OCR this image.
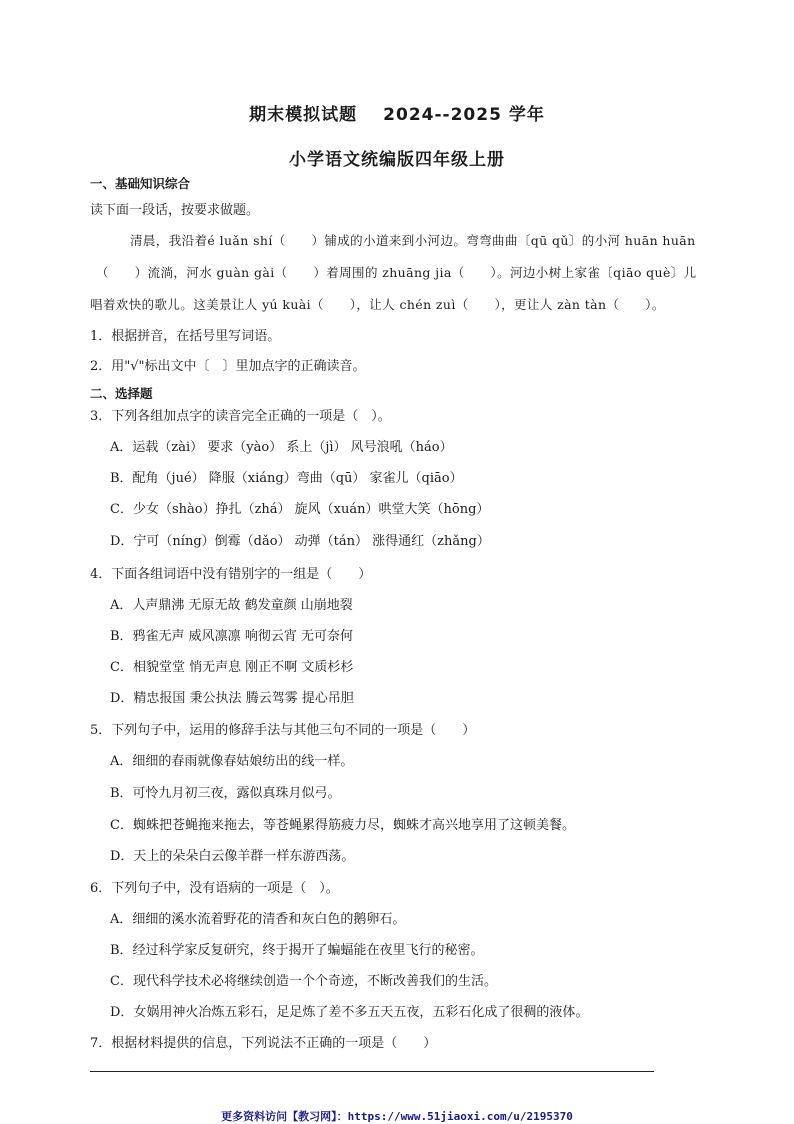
期末模拟试题 2024--2025 学年
小学语文统编版四年级上册
一、基础知识综合
读下面一段话，按要求做题。
清晨，我沿着é luǎn shí（　　）铺成的小道来到小河边。弯弯曲曲〔qū qǔ〕的小河 huān huān
（　　）流淌，河水 guàn gài（　　）着周围的 zhuāng jia（　　）。河边小树上家雀〔qiāo què〕儿
唱着欢快的歌儿。这美景让人 yú kuài（　　），让人 chén zuì（　　），更让人 zàn tàn（　　）。
1．根据拼音，在括号里写词语。
2．用"√"标出文中〔　〕里加点字的正确读音。
二、选择题
3．下列各组加点字的读音完全正确的一项是（　）。
A．运载（zài） 要求（yào） 系上（jì） 风号浪吼（háo）
B．配角（jué） 降服（xiáng）弯曲（qū） 家雀儿（qiāo）
C．少女（shào）挣扎（zhá） 旋风（xuán）哄堂大笑（hōng）
D．宁可（níng）倒霉（dǎo） 动弹（tán） 涨得通红（zhǎng）
4．下面各组词语中没有错别字的一组是（　　）
A．人声鼎沸 无原无故 鹤发童颜 山崩地裂
B．鸦雀无声 威风凛凛 响彻云宵 无可奈何
C．相貌堂堂 悄无声息 刚正不啊 文质杉杉
D．精忠报国 秉公执法 腾云驾雾 提心吊胆
5．下列句子中，运用的修辞手法与其他三句不同的一项是（　　）
A．细细的春雨就像春姑娘纺出的线一样。
B．可怜九月初三夜，露似真珠月似弓。
C．蜘蛛把苍蝇拖来拖去，等苍蝇累得筋疲力尽，蜘蛛才高兴地享用了这顿美餐。
D．天上的朵朵白云像羊群一样东游西荡。
6．下列句子中，没有语病的一项是（　）。
A．细细的溪水流着野花的清香和灰白色的鹅卵石。
B．经过科学家反复研究，终于揭开了蝙蝠能在夜里飞行的秘密。
C．现代科学技术必将继续创造一个个奇迹，不断改善我们的生活。
D．女娲用神火冶炼五彩石，足足炼了差不多五天五夜，五彩石化成了很稠的液体。
7．根据材料提供的信息，下列说法不正确的一项是（　　）
更多资料访问【教习网】：https://www.51jiaoxi.com/u/2195370
